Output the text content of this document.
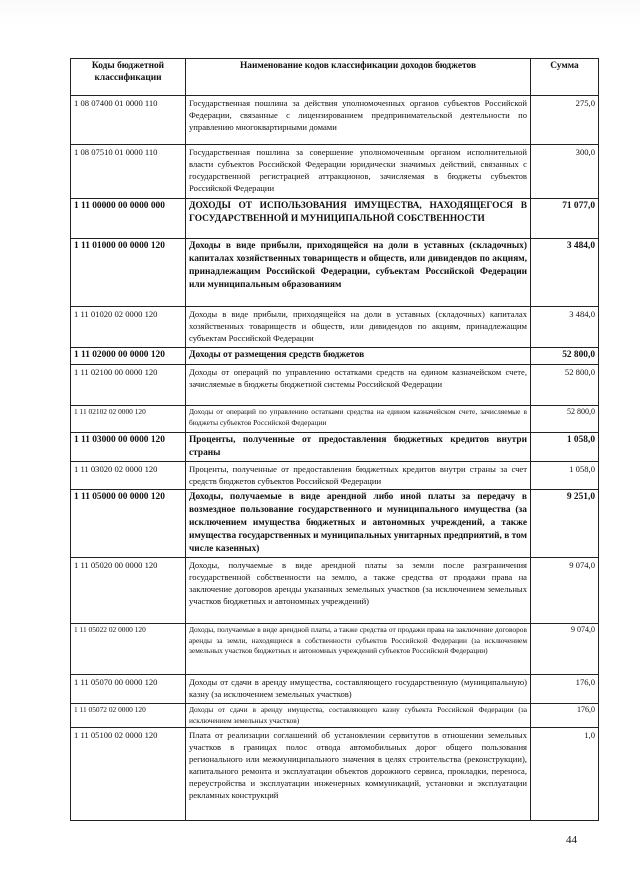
Коды бюджетной классификации	Наименование кодов классификации доходов бюджетов	Сумма
1 08 07400 01 0000 110	Государственная пошлина за действия уполномоченных органов субъектов Российской Федерации, связанные с лицензированием предпринимательской деятельности по управлению многоквартирными домами	275,0
1 08 07510 01 0000 110	Государственная пошлина за совершение уполномоченным органом исполнительной власти субъектов Российской Федерации юридически значимых действий, связанных с государственной регистрацией аттракционов, зачисляемая в бюджеты субъектов Российской Федерации	300,0
1 11 00000 00 0000 000	ДОХОДЫ ОТ ИСПОЛЬЗОВАНИЯ ИМУЩЕСТВА, НАХОДЯЩЕГОСЯ В ГОСУДАРСТВЕННОЙ И МУНИЦИПАЛЬНОЙ СОБСТВЕННОСТИ	71 077,0
1 11 01000 00 0000 120	Доходы в виде прибыли, приходящейся на доли в уставных (складочных) капиталах хозяйственных товариществ и обществ, или дивидендов по акциям, принадлежащим Российской Федерации, субъектам Российской Федерации или муниципальным образованиям	3 484,0
1 11 01020 02 0000 120	Доходы в виде прибыли, приходящейся на доли в уставных (складочных) капиталах хозяйственных товариществ и обществ, или дивидендов по акциям, принадлежащим субъектам Российской Федерации	3 484,0
1 11 02000 00 0000 120	Доходы от размещения средств бюджетов	52 800,0
1 11 02100 00 0000 120	Доходы от операций по управлению остатками средств на едином казначейском счете, зачисляемые в бюджеты бюджетной системы Российской Федерации	52 800,0
1 11 02102 02 0000 120	Доходы от операций по управлению остатками средства на едином казначейском счете, зачисляемые в бюджеты субъектов Российской Федерации	52 800,0
1 11 03000 00 0000 120	Проценты, полученные от предоставления бюджетных кредитов внутри страны	1 058,0
1 11 03020 02 0000 120	Проценты, полученные от предоставления бюджетных кредитов внутри страны за счет средств бюджетов субъектов Российской Федерации	1 058,0
1 11 05000 00 0000 120	Доходы, получаемые в виде арендной либо иной платы за передачу в возмездное пользование государственного и муниципального имущества (за исключением имущества бюджетных и автономных учреждений, а также имущества государственных и муниципальных унитарных предприятий, в том числе казенных)	9 251,0
1 11 05020 00 0000 120	Доходы, получаемые в виде арендной платы за земли после разграничения государственной собственности на землю, а также средства от продажи права на заключение договоров аренды указанных земельных участков (за исключением земельных участков бюджетных и автономных учреждений)	9 074,0
1 11 05022 02 0000 120	Доходы, получаемые в виде арендной платы, а также средства от продажи права на заключение договоров аренды за земли, находящиеся в собственности субъектов Российской Федерации (за исключением земельных участков бюджетных и автономных учреждений субъектов Российской Федерации)	9 074,0
1 11 05070 00 0000 120	Доходы от сдачи в аренду имущества, составляющего государственную (муниципальную) казну (за исключением земельных участков)	176,0
1 11 05072 02 0000 120	Доходы от сдачи в аренду имущества, составляющего казну субъекта Российской Федерации (за исключением земельных участков)	176,0
1 11 05100 02 0000 120	Плата от реализации соглашений об установлении сервитутов в отношении земельных участков в границах полос отвода автомобильных дорог общего пользования регионального или межмуниципального значения в целях строительства (реконструкции), капитального ремонта и эксплуатации объектов дорожного сервиса, прокладки, переноса, переустройства и эксплуатации инженерных коммуникаций, установки и эксплуатации рекламных конструкций	1,0
44
